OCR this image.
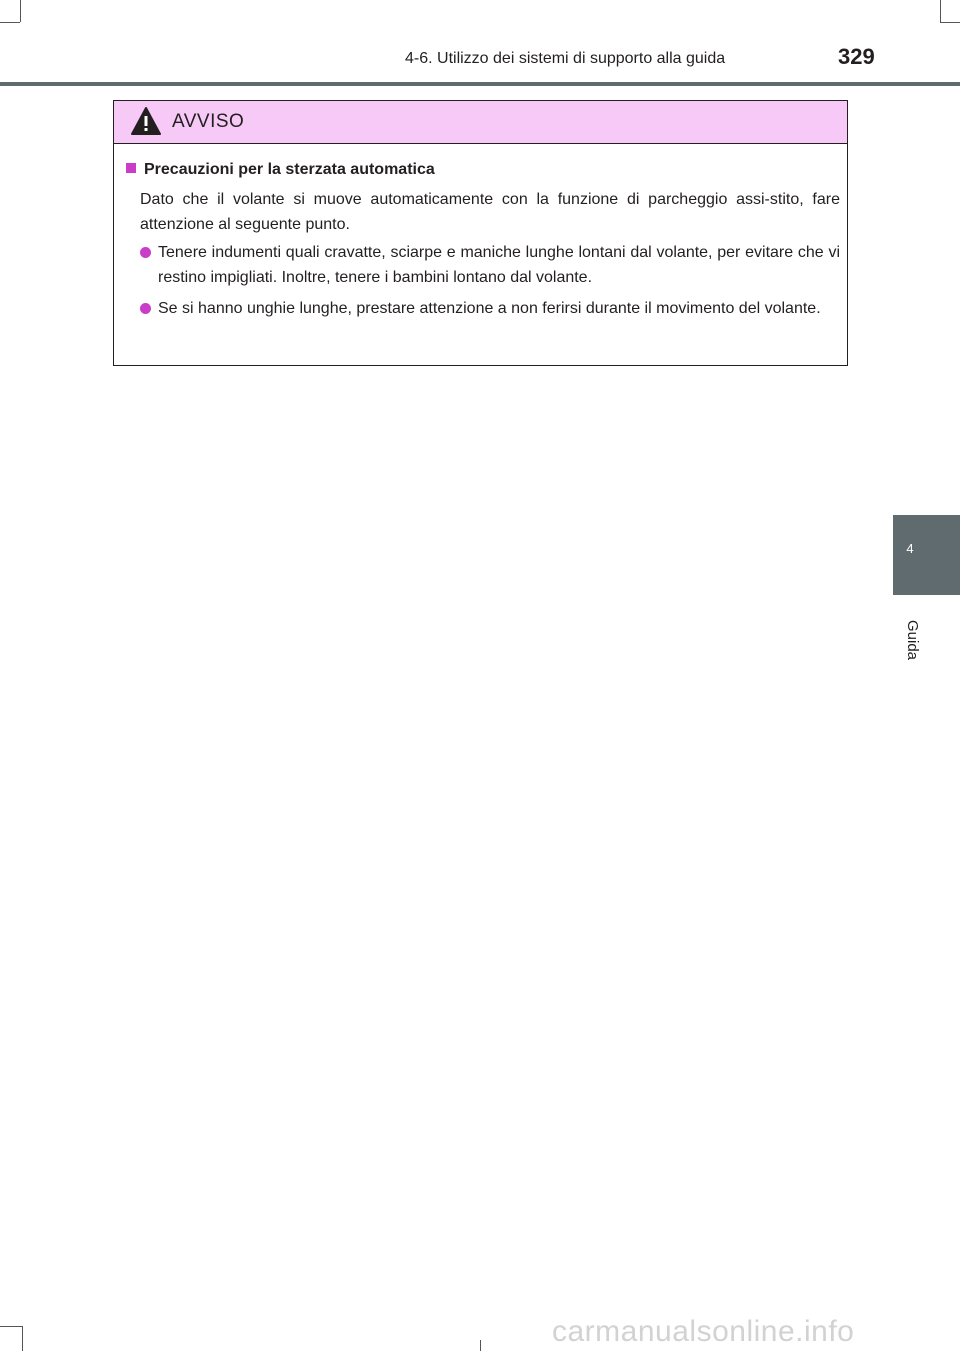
4-6. Utilizzo dei sistemi di supporto alla guida	329
AVVISO
Precauzioni per la sterzata automatica
Dato che il volante si muove automaticamente con la funzione di parcheggio assi-stito, fare attenzione al seguente punto.
Tenere indumenti quali cravatte, sciarpe e maniche lunghe lontani dal volante, per evitare che vi restino impigliati. Inoltre, tenere i bambini lontano dal volante.
Se si hanno unghie lunghe, prestare attenzione a non ferirsi durante il movimento del volante.
4
Guida
carmanualsonline.info
